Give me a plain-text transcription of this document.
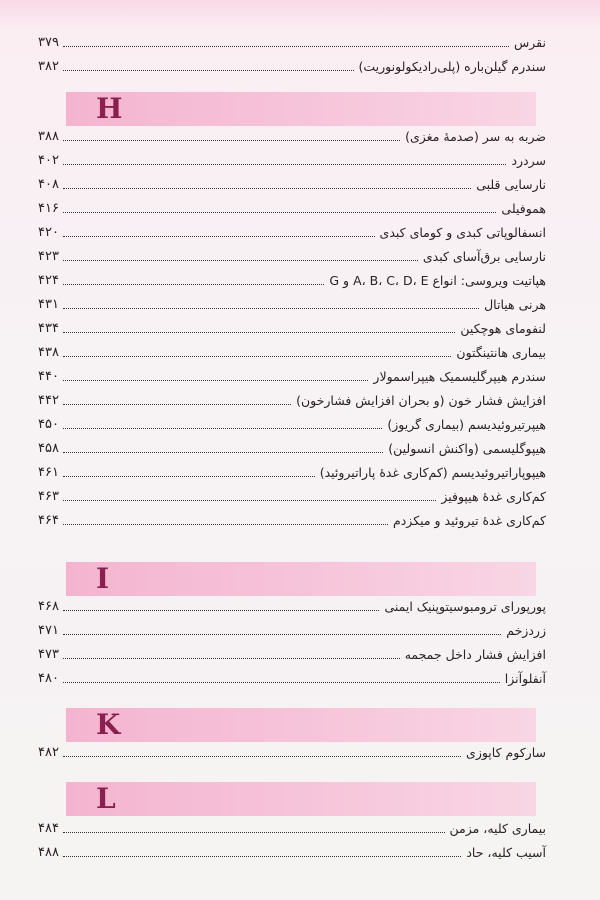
نقرس
۳۷۹
سندرم گیلن‌باره (پلی‌رادیکولونوریت)
۳۸۲
H
ضربه به سر (صدمهٔ مغزی)
۳۸۸
سردرد
۴۰۲
نارسایی قلبی
۴۰۸
هموفیلی
۴۱۶
انسفالوپاتی کبدی و کومای کبدی
۴۲۰
نارسایی برق‌آسای کبدی
۴۲۳
هپاتیت ویروسی: انواع A، B، C، D، E و G
۴۲۴
هرنی هیاتال
۴۳۱
لنفومای هوچکین
۴۳۴
بیماری هانتینگتون
۴۳۸
سندرم هیپرگلیسمیک هیپراسمولار
۴۴۰
افزایش فشار خون (و بحران افزایش فشارخون)
۴۴۲
هیپرتیروئیدیسم (بیماری گریوز)
۴۵۰
هیپوگلیسمی (واکنش انسولین)
۴۵۸
هیپوپاراتیروئیدیسم (کم‌کاری غدهٔ پاراتیروئید)
۴۶۱
کم‌کاری غدهٔ هیپوفیز
۴۶۳
کم‌کاری غدهٔ تیروئید و میکزدم
۴۶۴
I
پورپورای ترومبوسیتوپنیک ایمنی
۴۶۸
زردزخم
۴۷۱
افزایش فشار داخل جمجمه
۴۷۳
آنفلوآنزا
۴۸۰
K
سارکوم کاپوزی
۴۸۲
L
بیماری کلیه، مزمن
۴۸۴
آسیب کلیه، حاد
۴۸۸
